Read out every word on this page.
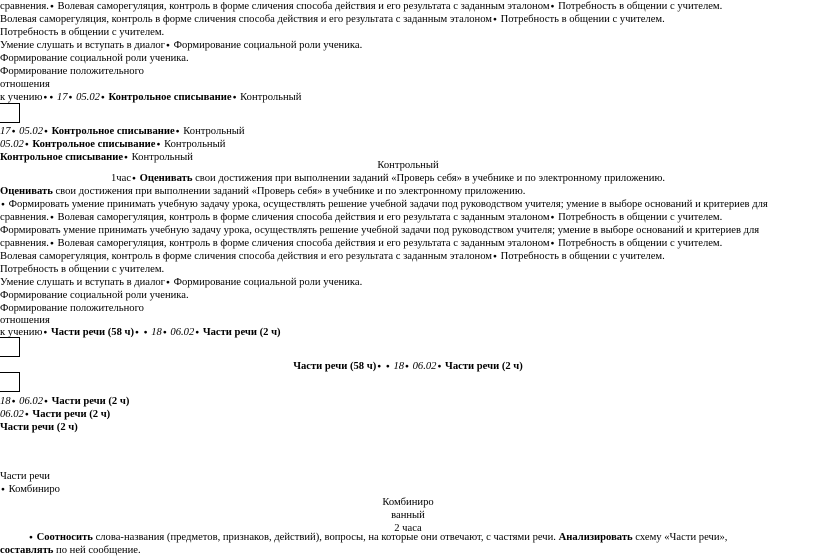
сравнения.● Волевая саморегуляция, контроль в форме сличения способа действия и его результата с заданным эталоном● Потребность в общении с учителем.
Волевая саморегуляция, контроль в форме сличения способа действия и его результата с заданным эталоном● Потребность в общении с учителем.
Потребность в общении с учителем.
Умение слушать и вступать в диалог● Формирование социальной роли ученика.
Формирование социальной роли ученика.
Формирование положительного
отношения
к учению ● ● 17● 05.02● Контрольное списывание● Контрольный
17● 05.02● Контрольное списывание● Контрольный
05.02● Контрольное списывание● Контрольный
Контрольное списывание● Контрольный
Контрольный
1час● Оценивать свои достижения при выполнении заданий «Проверь себя» в учебнике и по электронному приложению.
Оценивать свои достижения при выполнении заданий «Проверь себя» в учебнике и по электронному приложению.
● Формировать умение принимать учебную задачу урока, осуществлять решение учебной задачи под руководством учителя; умение в выборе оснований и критериев для
сравнения.● Волевая саморегуляция, контроль в форме сличения способа действия и его результата с заданным эталоном● Потребность в общении с учителем.
Формировать умение принимать учебную задачу урока, осуществлять решение учебной задачи под руководством учителя; умение в выборе оснований и критериев для
сравнения.● Волевая саморегуляция, контроль в форме сличения способа действия и его результата с заданным эталоном● Потребность в общении с учителем.
Волевая саморегуляция, контроль в форме сличения способа действия и его результата с заданным эталоном● Потребность в общении с учителем.
Потребность в общении с учителем.
Умение слушать и вступать в диалог● Формирование социальной роли ученика.
Формирование социальной роли ученика.
Формирование положительного
отношения
к учению● Части речи (58 ч) ● ● 18● 06.02● Части речи (2 ч)
Части речи (58 ч) ● ● 18● 06.02● Части речи (2 ч)
18● 06.02● Части речи (2 ч)
06.02● Части речи (2 ч)
Части речи (2 ч)
Части речи
● Комбиниро
Комбиниро
ванный
2 часа
● Соотносить слова-названия (предметов, признаков, действий), вопросы, на которые они отвечают, с частями речи. Анализировать схему «Части речи»,
составлять по ней сообщение.
